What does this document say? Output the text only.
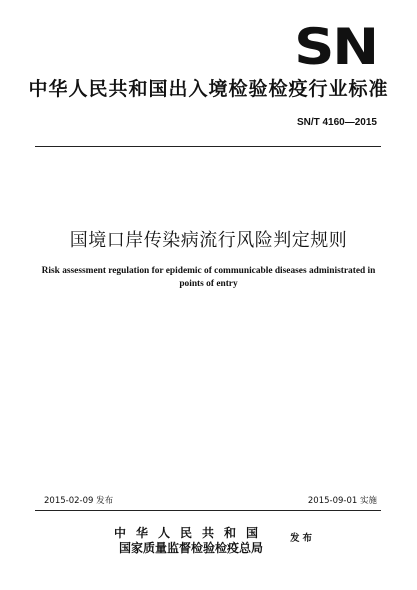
SN
中华人民共和国出入境检验检疫行业标准
SN/T 4160—2015
国境口岸传染病流行风险判定规则
Risk assessment regulation for epidemic of communicable diseases administrated in points of entry
2015-02-09 发布	2015-09-01 实施
中华人民共和国
国家质量监督检验检疫总局
发布
